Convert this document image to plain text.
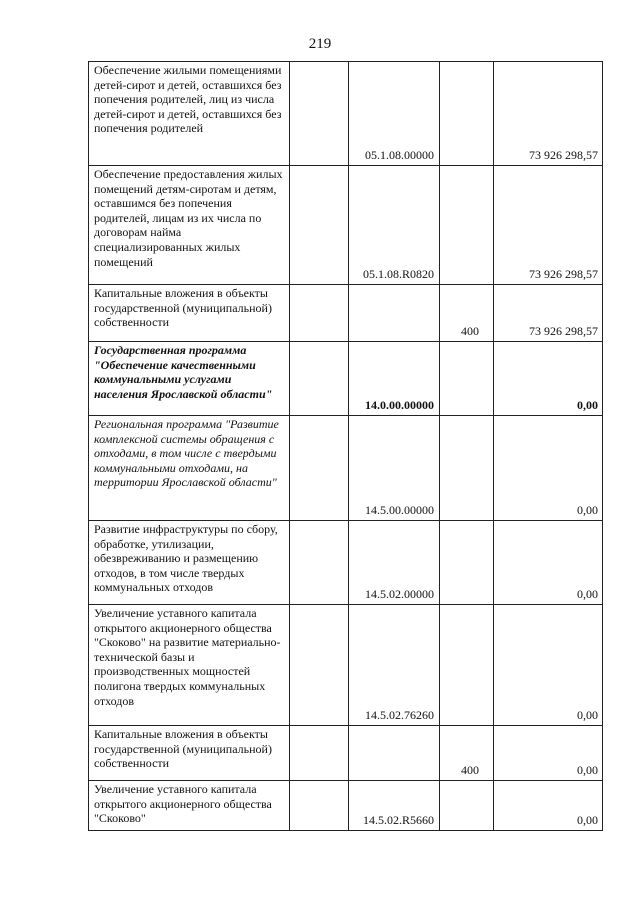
219
Обеспечение жилыми помещениями детей-сирот и детей, оставшихся без попечения родителей, лиц из числа детей-сирот и детей, оставшихся без попечения родителей		05.1.08.00000		73 926 298,57
Обеспечение предоставления жилых помещений детям-сиротам и детям, оставшимся без попечения родителей, лицам из их числа по договорам найма специализированных жилых помещений		05.1.08.R0820		73 926 298,57
Капитальные вложения в объекты государственной (муниципальной) собственности			400	73 926 298,57
Государственная программа "Обеспечение качественными коммунальными услугами населения Ярославской области"		14.0.00.00000		0,00
Региональная программа "Развитие комплексной системы обращения с отходами, в том числе с твердыми коммунальными отходами, на территории Ярославской области"		14.5.00.00000		0,00
Развитие инфраструктуры по сбору, обработке, утилизации, обезвреживанию и размещению отходов, в том числе твердых коммунальных отходов		14.5.02.00000		0,00
Увеличение уставного капитала открытого акционерного общества "Скоково" на развитие материально-технической базы и производственных мощностей полигона твердых коммунальных отходов		14.5.02.76260		0,00
Капитальные вложения в объекты государственной (муниципальной) собственности			400	0,00
Увеличение уставного капитала открытого акционерного общества "Скоково"		14.5.02.R5660		0,00
